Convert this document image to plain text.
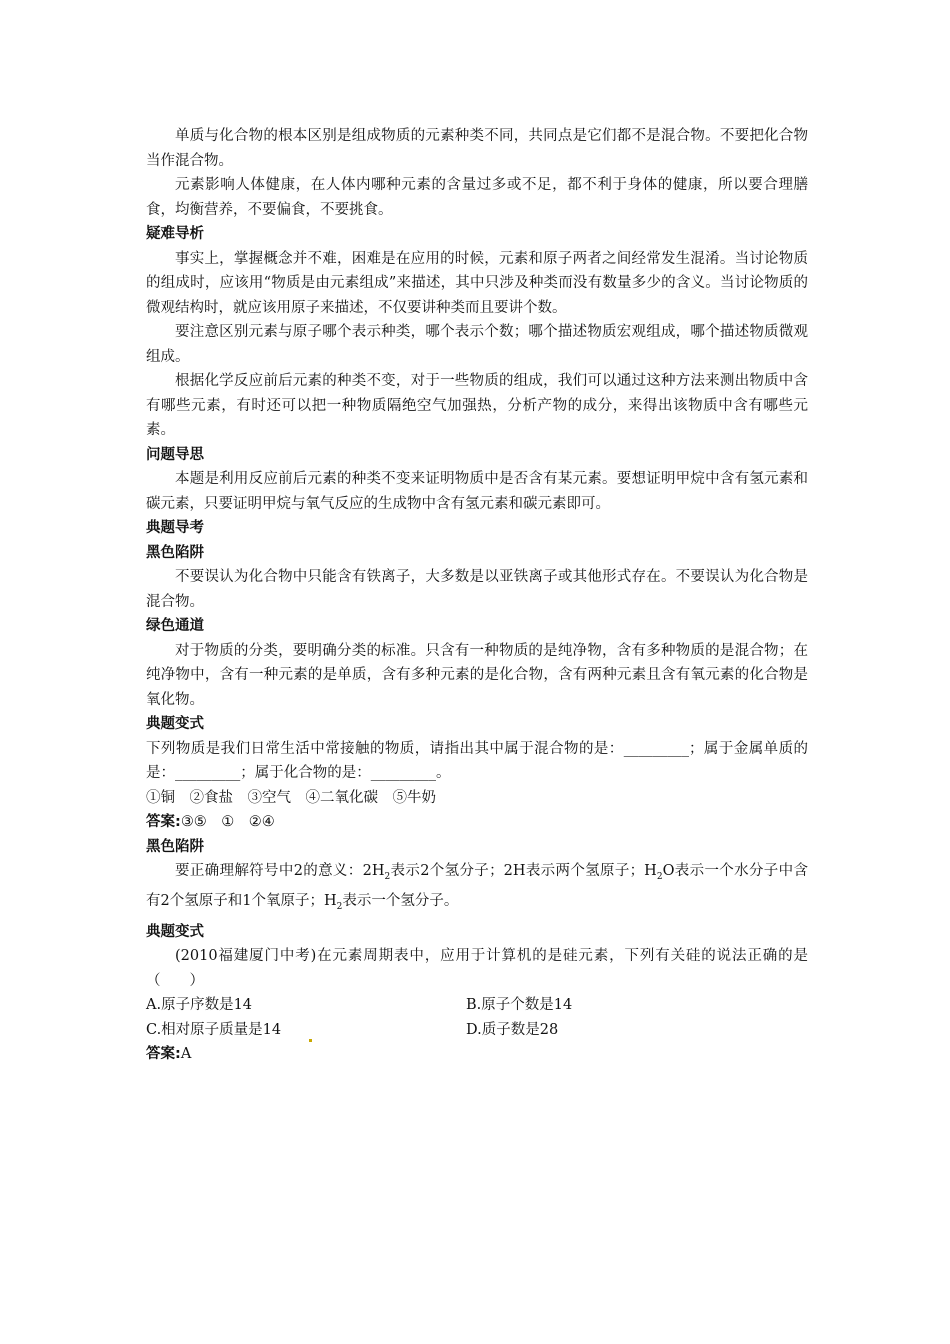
单质与化合物的根本区别是组成物质的元素种类不同，共同点是它们都不是混合物。不要把化合物当作混合物。

元素影响人体健康，在人体内哪种元素的含量过多或不足，都不利于身体的健康，所以要合理膳食，均衡营养，不要偏食，不要挑食。

疑难导析

事实上，掌握概念并不难，困难是在应用的时候，元素和原子两者之间经常发生混淆。当讨论物质的组成时，应该用“物质是由元素组成”来描述，其中只涉及种类而没有数量多少的含义。当讨论物质的微观结构时，就应该用原子来描述，不仅要讲种类而且要讲个数。

要注意区别元素与原子哪个表示种类，哪个表示个数；哪个描述物质宏观组成，哪个描述物质微观组成。

根据化学反应前后元素的种类不变，对于一些物质的组成，我们可以通过这种方法来测出物质中含有哪些元素，有时还可以把一种物质隔绝空气加强热，分析产物的成分，来得出该物质中含有哪些元素。

问题导思

本题是利用反应前后元素的种类不变来证明物质中是否含有某元素。要想证明甲烷中含有氢元素和碳元素，只要证明甲烷与氧气反应的生成物中含有氢元素和碳元素即可。

典题导考

黑色陷阱

不要误认为化合物中只能含有铁离子，大多数是以亚铁离子或其他形式存在。不要误认为化合物是混合物。

绿色通道

对于物质的分类，要明确分类的标准。只含有一种物质的是纯净物，含有多种物质的是混合物；在纯净物中，含有一种元素的是单质，含有多种元素的是化合物，含有两种元素且含有氧元素的化合物是氧化物。

典题变式

下列物质是我们日常生活中常接触的物质，请指出其中属于混合物的是：_________；属于金属单质的是：_________；属于化合物的是：_________。

①铜　②食盐　③空气　④二氧化碳　⑤牛奶

答案:③⑤　①　②④

黑色陷阱

要正确理解符号中2的意义：$2H_2$表示2个氢分子；2H表示两个氢原子；$H_2O$表示一个水分子中含有2个氢原子和1个氧原子；$H_2$表示一个氢分子。

典题变式

(2010福建厦门中考)在元素周期表中，应用于计算机的是硅元素，下列有关硅的说法正确的是（　　）

A.原子序数是14	B.原子个数是14
C.相对原子质量是14	D.质子数是28

答案:A
